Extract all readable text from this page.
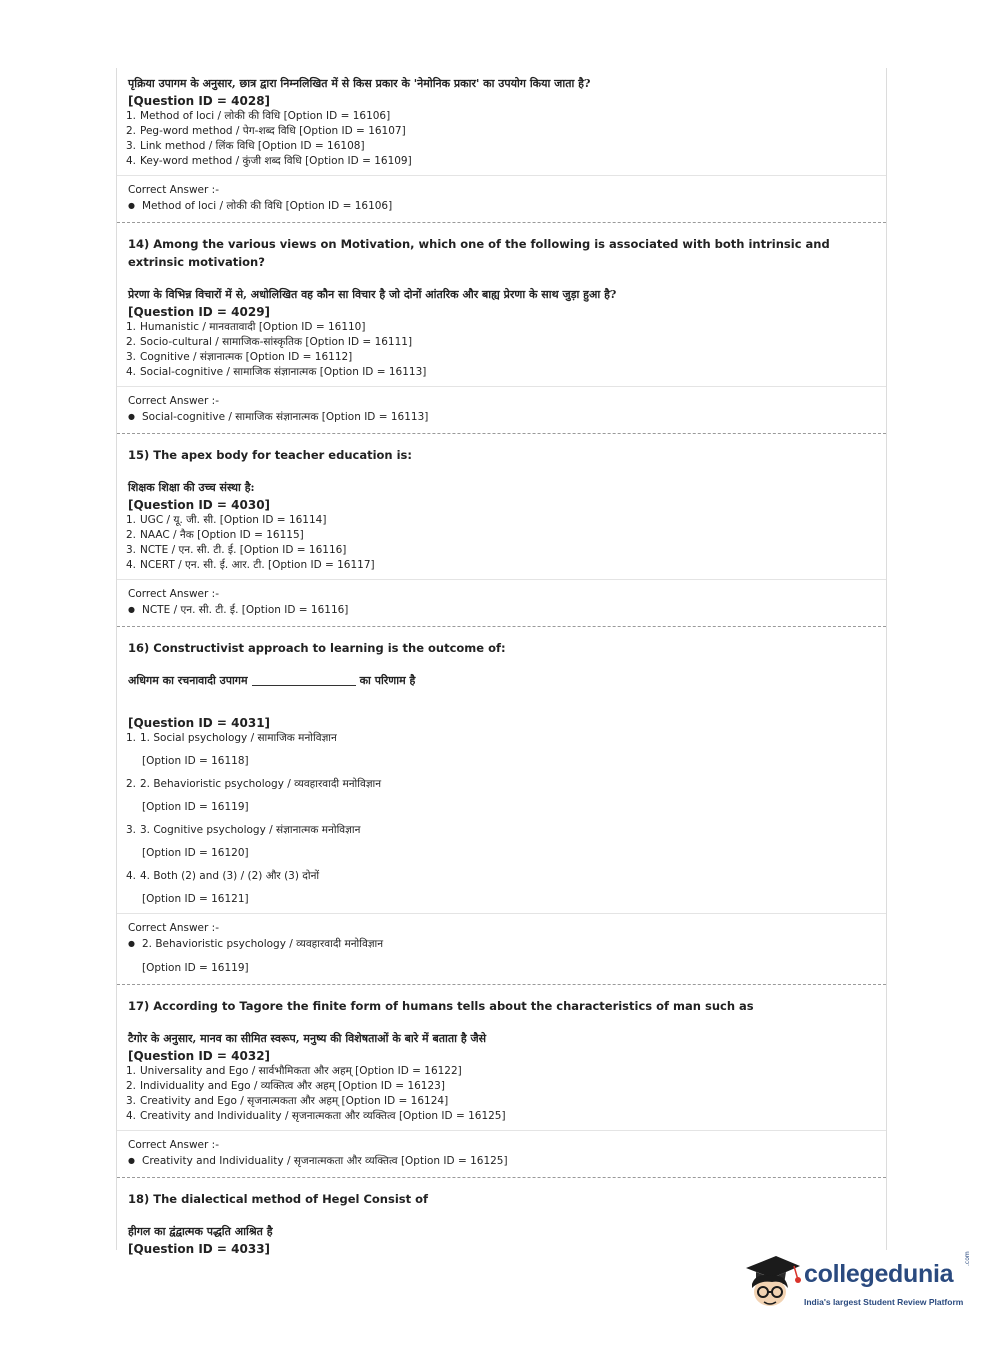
पृक्रिया उपागम के अनुसार, छात्र द्वारा निम्नलिखित में से किस प्रकार के 'नेमोनिक प्रकार' का उपयोग किया जाता है?
[Question ID = 4028]
1. Method of loci / लोकी की विधि [Option ID = 16106]
2. Peg-word method / पेग-शब्द विधि [Option ID = 16107]
3. Link method / लिंक विधि [Option ID = 16108]
4. Key-word method / कुंजी शब्द विधि [Option ID = 16109]
Correct Answer :-
● Method of loci / लोकी की विधि [Option ID = 16106]
14) Among the various views on Motivation, which one of the following is associated with both intrinsic and extrinsic motivation?
प्रेरणा के विभिन्न विचारों में से, अधोलिखित वह कौन सा विचार है जो दोनों आंतरिक और बाह्य प्रेरणा के साथ जुड़ा हुआ है?
[Question ID = 4029]
1. Humanistic / मानवतावादी [Option ID = 16110]
2. Socio-cultural / सामाजिक-सांस्कृतिक [Option ID = 16111]
3. Cognitive / संज्ञानात्मक [Option ID = 16112]
4. Social-cognitive / सामाजिक संज्ञानात्मक [Option ID = 16113]
Correct Answer :-
● Social-cognitive / सामाजिक संज्ञानात्मक [Option ID = 16113]
15) The apex body for teacher education is:
शिक्षक शिक्षा की उच्च संस्था है:
[Question ID = 4030]
1. UGC / यू. जी. सी. [Option ID = 16114]
2. NAAC / नैक [Option ID = 16115]
3. NCTE / एन. सी. टी. ई. [Option ID = 16116]
4. NCERT / एन. सी. ई. आर. टी. [Option ID = 16117]
Correct Answer :-
● NCTE / एन. सी. टी. ई. [Option ID = 16116]
16) Constructivist approach to learning is the outcome of:
अधिगम का रचनावादी उपागम	का परिणाम है
[Question ID = 4031]
1. 1. Social psychology / सामाजिक मनोविज्ञान
[Option ID = 16118]
2. 2. Behavioristic psychology / व्यवहारवादी मनोविज्ञान
[Option ID = 16119]
3. 3. Cognitive psychology / संज्ञानात्मक मनोविज्ञान
[Option ID = 16120]
4. 4. Both (2) and (3) / (2) और (3) दोनों
[Option ID = 16121]
Correct Answer :-
● 2. Behavioristic psychology / व्यवहारवादी मनोविज्ञान
[Option ID = 16119]
17) According to Tagore the finite form of humans tells about the characteristics of man such as
टैगोर के अनुसार, मानव का सीमित स्वरूप, मनुष्य की विशेषताओं के बारे में बताता है जैसे
[Question ID = 4032]
1. Universality and Ego / सार्वभौमिकता और अहम् [Option ID = 16122]
2. Individuality and Ego / व्यक्तित्व और अहम् [Option ID = 16123]
3. Creativity and Ego / सृजनात्मकता और अहम् [Option ID = 16124]
4. Creativity and Individuality / सृजनात्मकता और व्यक्तित्व [Option ID = 16125]
Correct Answer :-
● Creativity and Individuality / सृजनात्मकता और व्यक्तित्व [Option ID = 16125]
18) The dialectical method of Hegel Consist of
हीगल का द्वंद्वात्मक पद्धति आश्रित है
[Question ID = 4033]
collegedunia
.com
India's largest Student Review Platform
